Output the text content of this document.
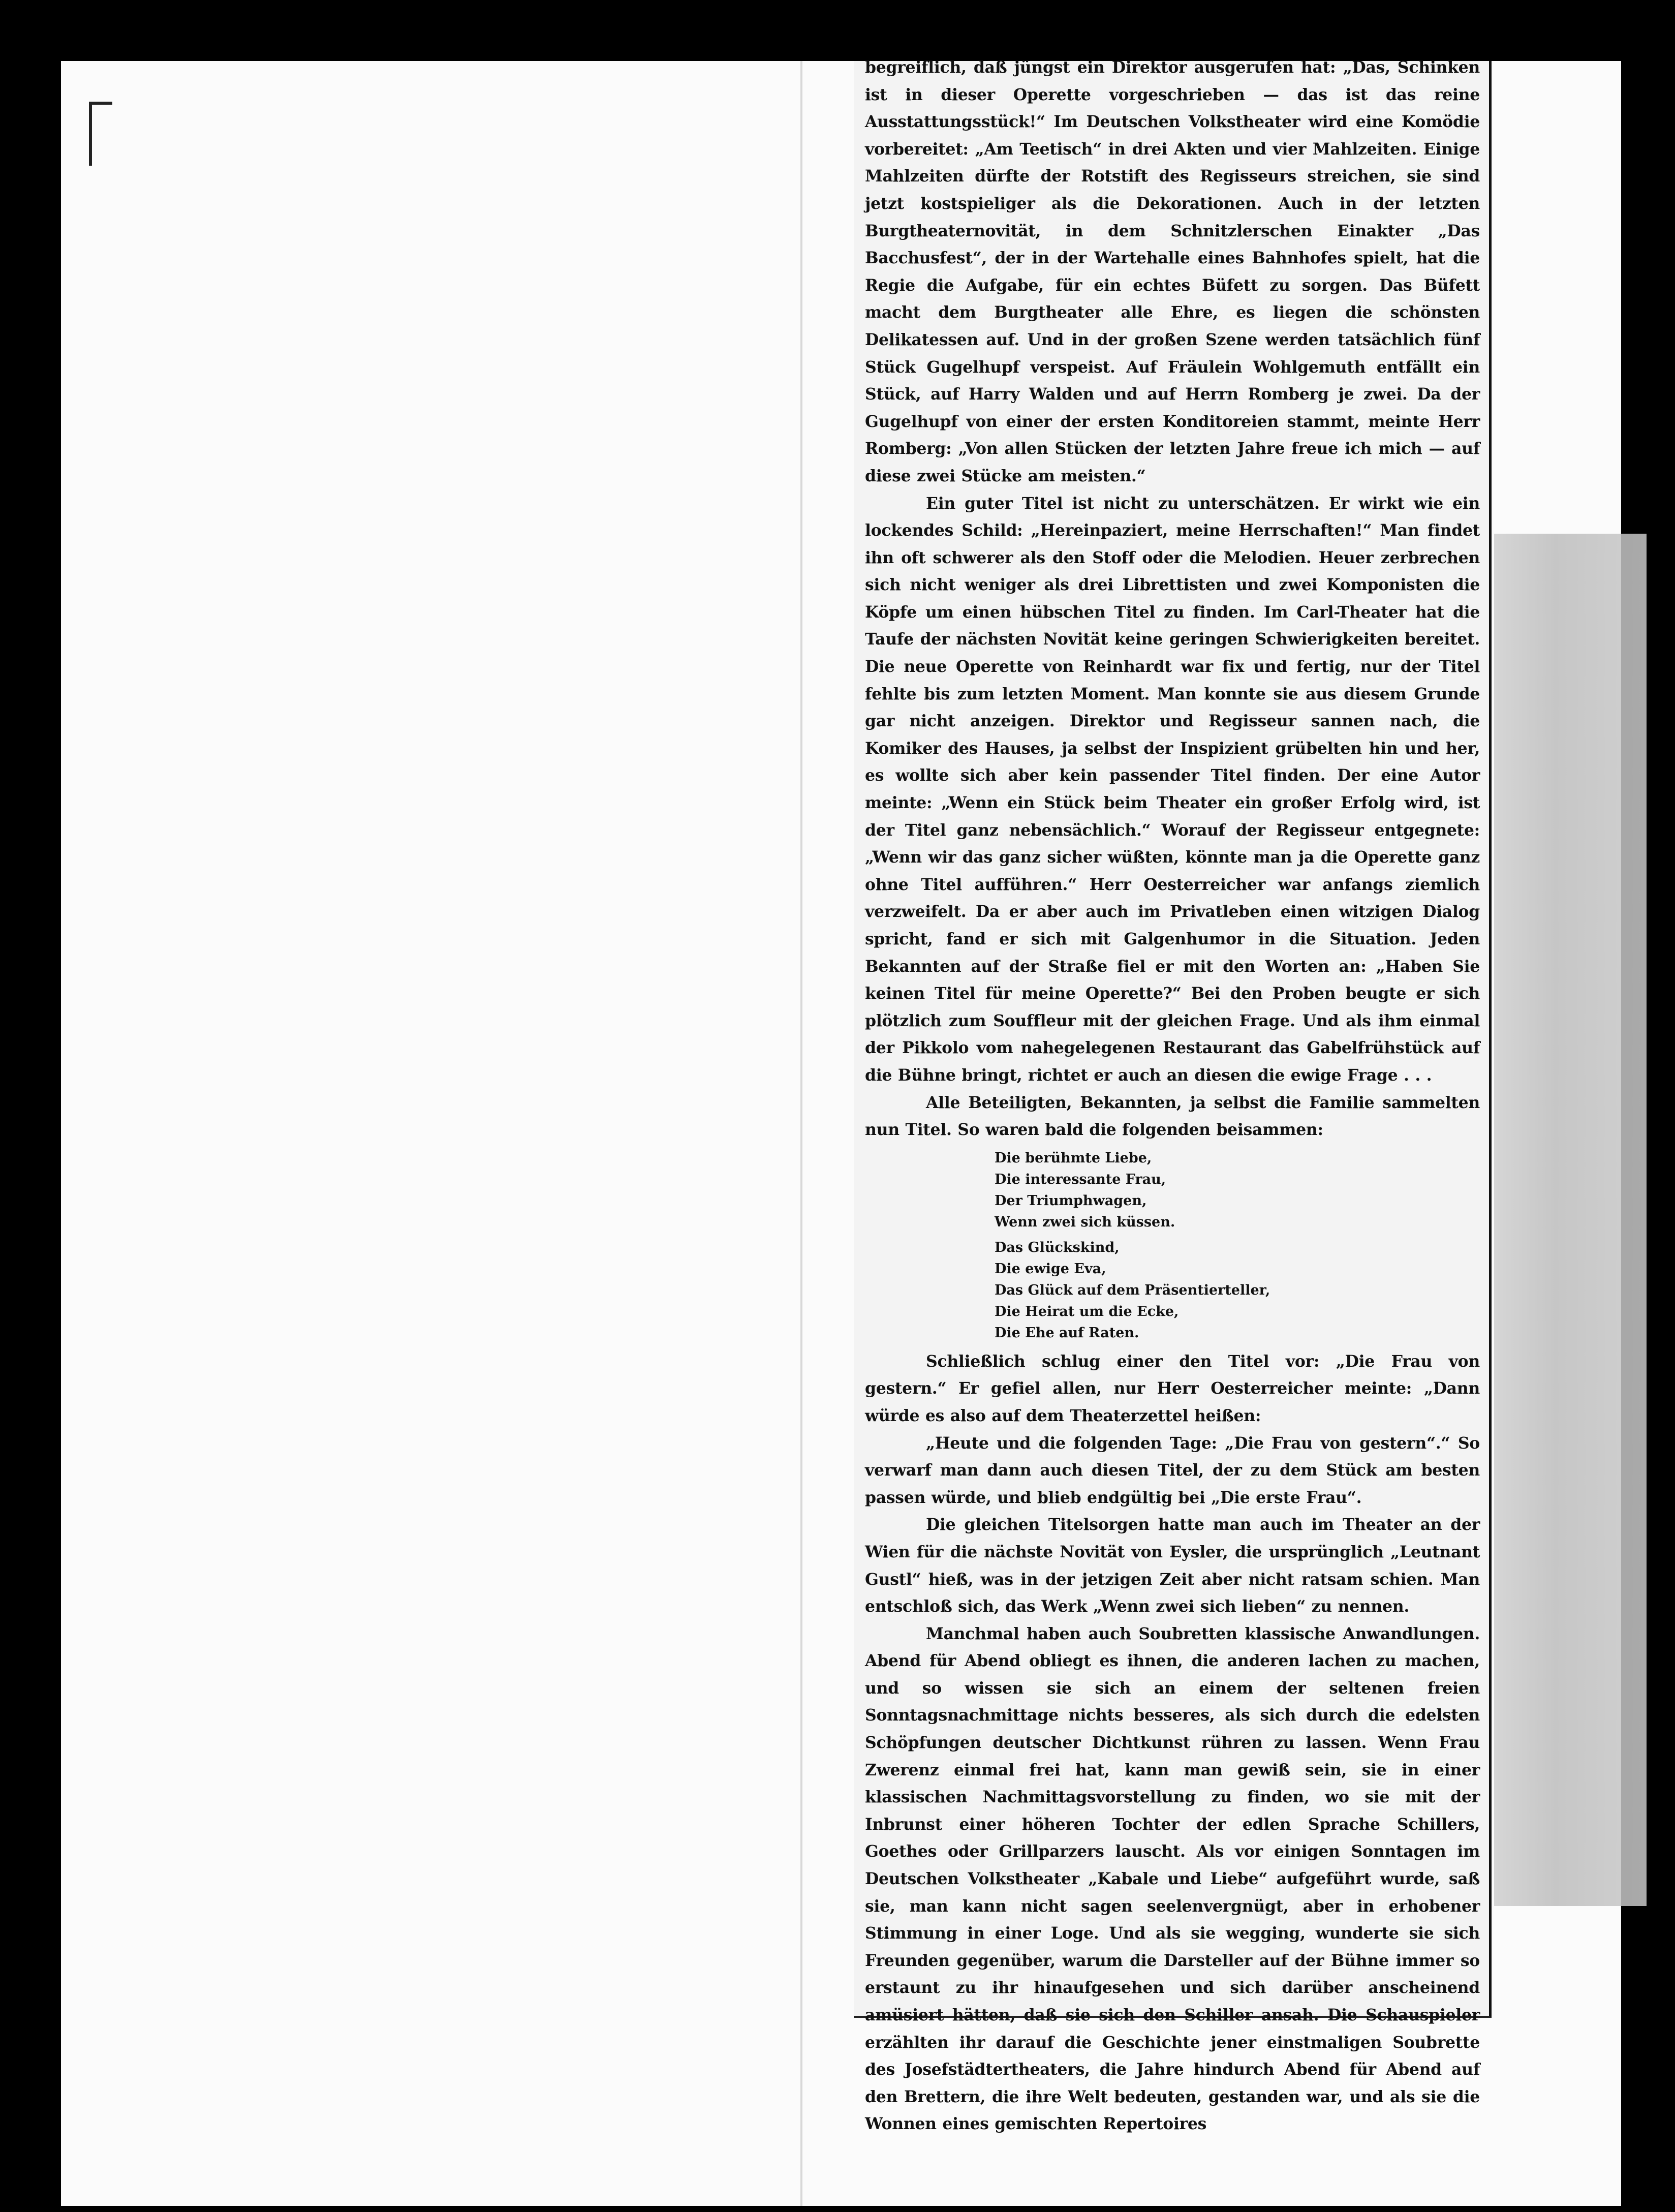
begreiflich, daß jüngst ein Direktor ausgerufen hat: „Das, Schinken ist in dieser Operette vorgeschrieben — das ist das reine Ausstattungsstück!“ Im Deutschen Volkstheater wird eine Komödie vorbereitet: „Am Teetisch“ in drei Akten und vier Mahlzeiten. Einige Mahlzeiten dürfte der Rotstift des Regisseurs streichen, sie sind jetzt kostspieliger als die Dekorationen. Auch in der letzten Burgtheaternovität, in dem Schnitzlerschen Einakter „Das Bacchusfest“, der in der Wartehalle eines Bahnhofes spielt, hat die Regie die Aufgabe, für ein echtes Büfett zu sorgen. Das Büfett macht dem Burgtheater alle Ehre, es liegen die schönsten Delikatessen auf. Und in der großen Szene werden tatsächlich fünf Stück Gugelhupf verspeist. Auf Fräulein Wohlgemuth entfällt ein Stück, auf Harry Walden und auf Herrn Romberg je zwei. Da der Gugelhupf von einer der ersten Konditoreien stammt, meinte Herr Romberg: „Von allen Stücken der letzten Jahre freue ich mich — auf diese zwei Stücke am meisten.“

Ein guter Titel ist nicht zu unterschätzen. Er wirkt wie ein lockendes Schild: „Hereinpaziert, meine Herrschaften!“ Man findet ihn oft schwerer als den Stoff oder die Melodien. Heuer zerbrechen sich nicht weniger als drei Librettisten und zwei Komponisten die Köpfe um einen hübschen Titel zu finden. Im Carl-Theater hat die Taufe der nächsten Novität keine geringen Schwierigkeiten bereitet. Die neue Operette von Reinhardt war fix und fertig, nur der Titel fehlte bis zum letzten Moment. Man konnte sie aus diesem Grunde gar nicht anzeigen. Direktor und Regisseur sannen nach, die Komiker des Hauses, ja selbst der Inspizient grübelten hin und her, es wollte sich aber kein passender Titel finden. Der eine Autor meinte: „Wenn ein Stück beim Theater ein großer Erfolg wird, ist der Titel ganz nebensächlich.“ Worauf der Regisseur entgegnete: „Wenn wir das ganz sicher wüßten, könnte man ja die Operette ganz ohne Titel aufführen.“ Herr Oesterreicher war anfangs ziemlich verzweifelt. Da er aber auch im Privatleben einen witzigen Dialog spricht, fand er sich mit Galgenhumor in die Situation. Jeden Bekannten auf der Straße fiel er mit den Worten an: „Haben Sie keinen Titel für meine Operette?“ Bei den Proben beugte er sich plötzlich zum Souffleur mit der gleichen Frage. Und als ihm einmal der Pikkolo vom nahegelegenen Restaurant das Gabelfrühstück auf die Bühne bringt, richtet er auch an diesen die ewige Frage . . .

Alle Beteiligten, Bekannten, ja selbst die Familie sammelten nun Titel. So waren bald die folgenden beisammen:

Die berühmte Liebe,
Die interessante Frau,
Der Triumphwagen,
Wenn zwei sich küssen.
Das Glückskind,
Die ewige Eva,
Das Glück auf dem Präsentierteller,
Die Heirat um die Ecke,
Die Ehe auf Raten.

Schließlich schlug einer den Titel vor: „Die Frau von gestern.“ Er gefiel allen, nur Herr Oesterreicher meinte: „Dann würde es also auf dem Theaterzettel heißen:

„Heute und die folgenden Tage: „Die Frau von gestern“.“ So verwarf man dann auch diesen Titel, der zu dem Stück am besten passen würde, und blieb endgültig bei „Die erste Frau“.

Die gleichen Titelsorgen hatte man auch im Theater an der Wien für die nächste Novität von Eysler, die ursprünglich „Leutnant Gustl“ hieß, was in der jetzigen Zeit aber nicht ratsam schien. Man entschloß sich, das Werk „Wenn zwei sich lieben“ zu nennen.

Manchmal haben auch Soubretten klassische Anwandlungen. Abend für Abend obliegt es ihnen, die anderen lachen zu machen, und so wissen sie sich an einem der seltenen freien Sonntagsnachmittage nichts besseres, als sich durch die edelsten Schöpfungen deutscher Dichtkunst rühren zu lassen. Wenn Frau Zwerenz einmal frei hat, kann man gewiß sein, sie in einer klassischen Nachmittagsvorstellung zu finden, wo sie mit der Inbrunst einer höheren Tochter der edlen Sprache Schillers, Goethes oder Grillparzers lauscht. Als vor einigen Sonntagen im Deutschen Volkstheater „Kabale und Liebe“ aufgeführt wurde, saß sie, man kann nicht sagen seelenvergnügt, aber in erhobener Stimmung in einer Loge. Und als sie wegging, wunderte sie sich Freunden gegenüber, warum die Darsteller auf der Bühne immer so erstaunt zu ihr hinaufgesehen und sich darüber anscheinend amüsiert hätten, daß sie sich den Schiller ansah. Die Schauspieler erzählten ihr darauf die Geschichte jener einstmaligen Soubrette des Josefstädtertheaters, die Jahre hindurch Abend für Abend auf den Brettern, die ihre Welt bedeuten, gestanden war, und als sie die Wonnen eines gemischten Repertoires
